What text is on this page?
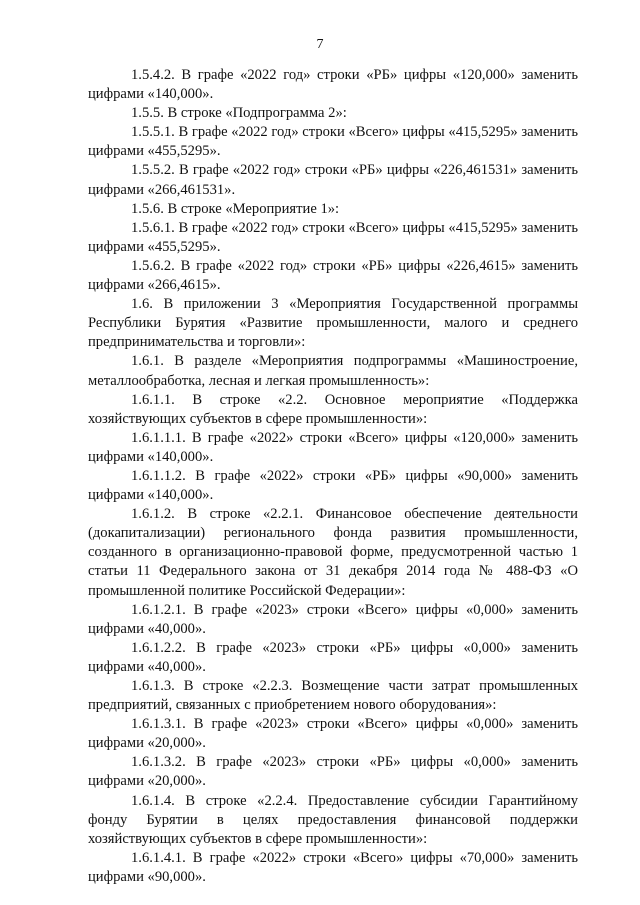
7

1.5.4.2. В графе «2022 год» строки «РБ» цифры «120,000» заменить цифрами «140,000».

1.5.5. В строке «Подпрограмма 2»:

1.5.5.1. В графе «2022 год» строки «Всего» цифры «415,5295» заменить цифрами «455,5295».

1.5.5.2. В графе «2022 год» строки «РБ» цифры «226,461531» заменить цифрами «266,461531».

1.5.6. В строке «Мероприятие 1»:

1.5.6.1. В графе «2022 год» строки «Всего» цифры «415,5295» заменить цифрами «455,5295».

1.5.6.2. В графе «2022 год» строки «РБ» цифры «226,4615» заменить цифрами «266,4615».

1.6. В приложении 3 «Мероприятия Государственной программы Республики Бурятия «Развитие промышленности, малого и среднего предпринимательства и торговли»:

1.6.1. В разделе «Мероприятия подпрограммы «Машиностроение, металлообработка, лесная и легкая промышленность»:

1.6.1.1. В строке «2.2. Основное мероприятие «Поддержка хозяйствующих субъектов в сфере промышленности»:

1.6.1.1.1. В графе «2022» строки «Всего» цифры «120,000» заменить цифрами «140,000».

1.6.1.1.2. В графе «2022» строки «РБ» цифры «90,000» заменить цифрами «140,000».

1.6.1.2. В строке «2.2.1. Финансовое обеспечение деятельности (докапитализации) регионального фонда развития промышленности, созданного в организационно-правовой форме, предусмотренной частью 1 статьи 11 Федерального закона от 31 декабря 2014 года № 488-ФЗ «О промышленной политике Российской Федерации»:

1.6.1.2.1. В графе «2023» строки «Всего» цифры «0,000» заменить цифрами «40,000».

1.6.1.2.2. В графе «2023» строки «РБ» цифры «0,000» заменить цифрами «40,000».

1.6.1.3. В строке «2.2.3. Возмещение части затрат промышленных предприятий, связанных с приобретением нового оборудования»:

1.6.1.3.1. В графе «2023» строки «Всего» цифры «0,000» заменить цифрами «20,000».

1.6.1.3.2. В графе «2023» строки «РБ» цифры «0,000» заменить цифрами «20,000».

1.6.1.4. В строке «2.2.4. Предоставление субсидии Гарантийному фонду Бурятии в целях предоставления финансовой поддержки хозяйствующих субъектов в сфере промышленности»:

1.6.1.4.1. В графе «2022» строки «Всего» цифры «70,000» заменить цифрами «90,000».
